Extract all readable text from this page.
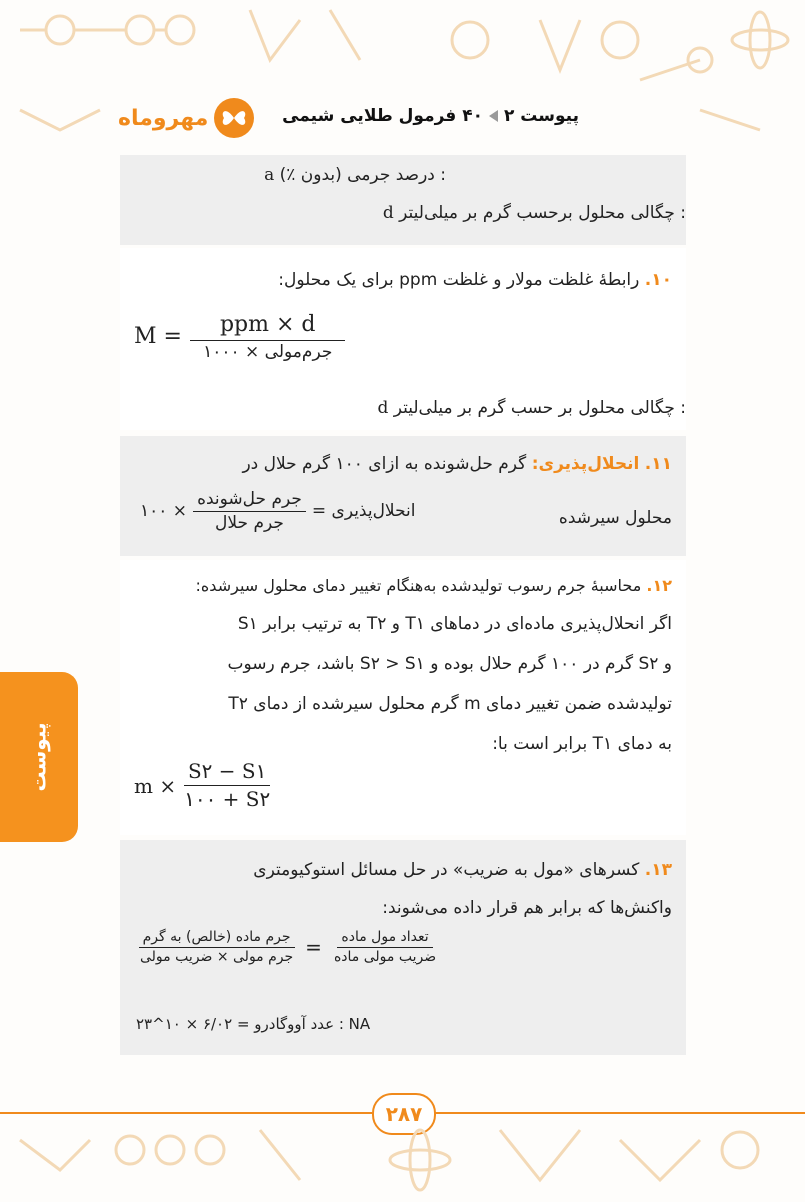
مهروماه	پیوست ۲
۴۰ فرمول طلایی شیمی
: درصد جرمی (بدون ٪) a
: چگالی محلول برحسب گرم بر میلی‌لیتر d
۱۰. رابطهٔ غلظت مولار و غلظت ppm برای یک محلول:
$M = \frac{\text{ppm × d}}{\text{جرم‌مولی × ۱۰۰۰}}$
: چگالی محلول بر حسب گرم بر میلی‌لیتر d
۱۱. انحلال‌پذیری: گرم حل‌شونده به ازای ۱۰۰ گرم حلال در
محلول سیرشده
انحلال‌پذیری =
$\frac{\text{جرم حل‌شونده}}{\text{جرم حلال}}$
× ۱۰۰
۱۲. محاسبهٔ جرم رسوب تولیدشده به‌هنگام تغییر دمای محلول سیرشده:
اگر انحلال‌پذیری ماده‌ای در دماهای T۱ و T۲ به ترتیب برابر S۱
و S۲ گرم در ۱۰۰ گرم حلال بوده و S۲ > S۱ باشد، جرم رسوب
تولیدشده ضمن تغییر دمای m گرم محلول سیرشده از دمای T۲
به دمای T۱ برابر است با:
$m \times \frac{S۲ - S۱}{۱۰۰ + S۲}$
۱۳. کسرهای «مول به ضریب» در حل مسائل استوکیومتری
واکنش‌ها که برابر هم قرار داده می‌شوند:
$\frac{\text{تعداد مول ماده}}{\text{ضریب مولی ماده}}$
=
$\frac{\text{جرم ماده (خالص) به گرم}}{\text{جرم مولی × ضریب مولی}}$
NA : عدد آووگادرو = ۶/۰۲ × ۱۰^۲۳
پیوست
۲۸۷
